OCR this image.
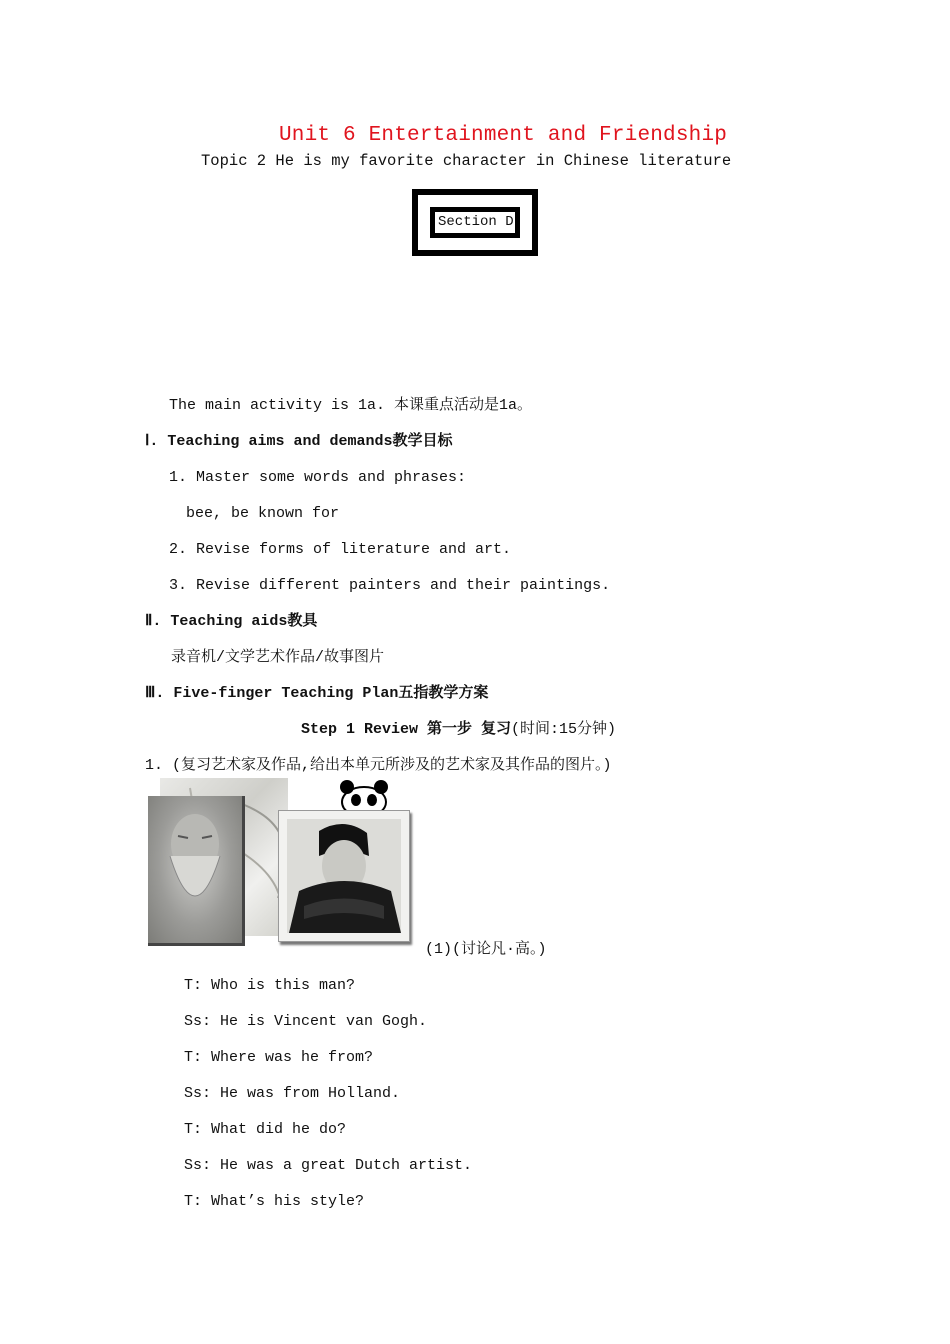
Unit 6 Entertainment and Friendship
Topic 2 He is my favorite character in Chinese literature
Section D
The main activity is 1a. 本课重点活动是1a。
Ⅰ. Teaching aims and demands教学目标
1. Master some words and phrases:
bee, be known for
2. Revise forms of literature and art.
3. Revise different painters and their paintings.
Ⅱ. Teaching aids教具
录音机/文学艺术作品/故事图片
Ⅲ. Five-finger Teaching Plan五指教学方案
Step 1 Review 第一步 复习(时间:15分钟)
1. (复习艺术家及作品,给出本单元所涉及的艺术家及其作品的图片。)
(1)(讨论凡·高。)
T: Who is this man?
Ss: He is Vincent van Gogh.
T: Where was he from?
Ss: He was from Holland.
T: What did he do?
Ss: He was a great Dutch artist.
T: What’s his style?
